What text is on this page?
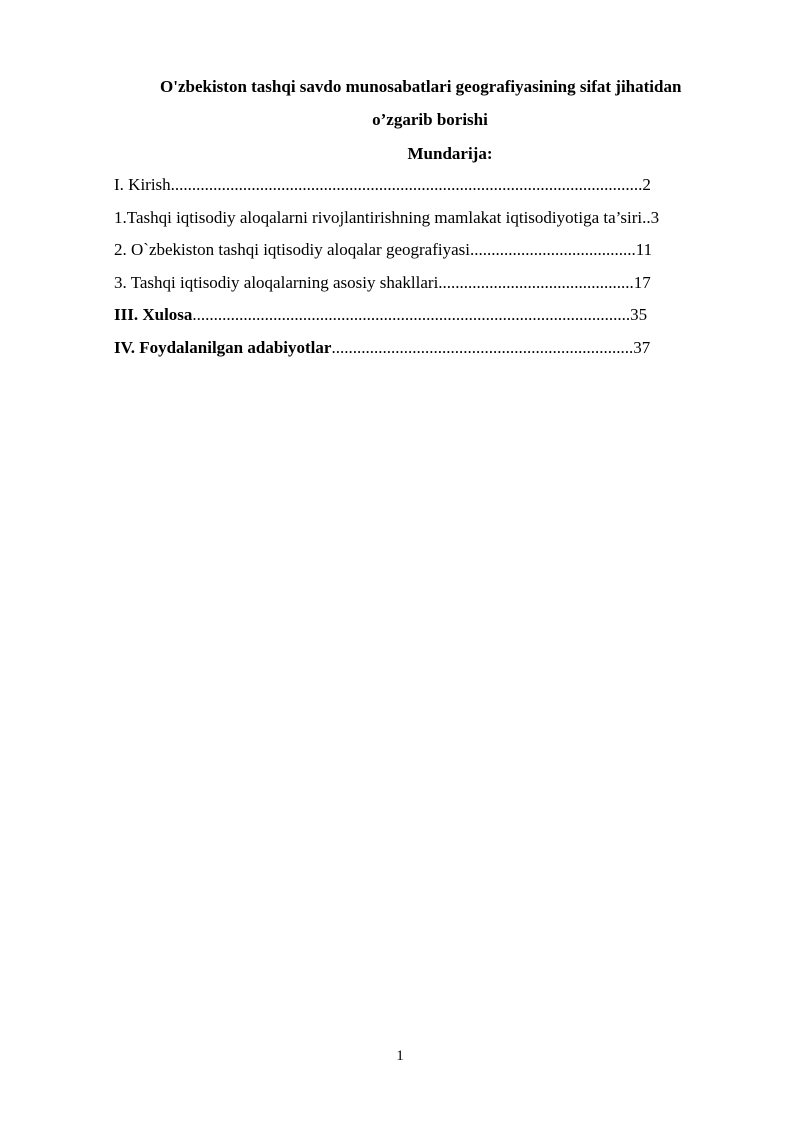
O'zbekiston tashqi savdo munosabatlari geografiyasining sifat jihatidan
o’zgarib borishi
Mundarija:
I. Kirish...............................................................................................................2
1.Tashqi iqtisodiy aloqalarni rivojlantirishning mamlakat iqtisodiyotiga ta’siri..3
2. O`zbekiston tashqi iqtisodiy aloqalar geografiyasi.......................................11
3. Tashqi iqtisodiy aloqalarning asosiy shakllari..............................................17
III. Xulosa.......................................................................................................35
IV. Foydalanilgan adabiyotlar.......................................................................37
1
